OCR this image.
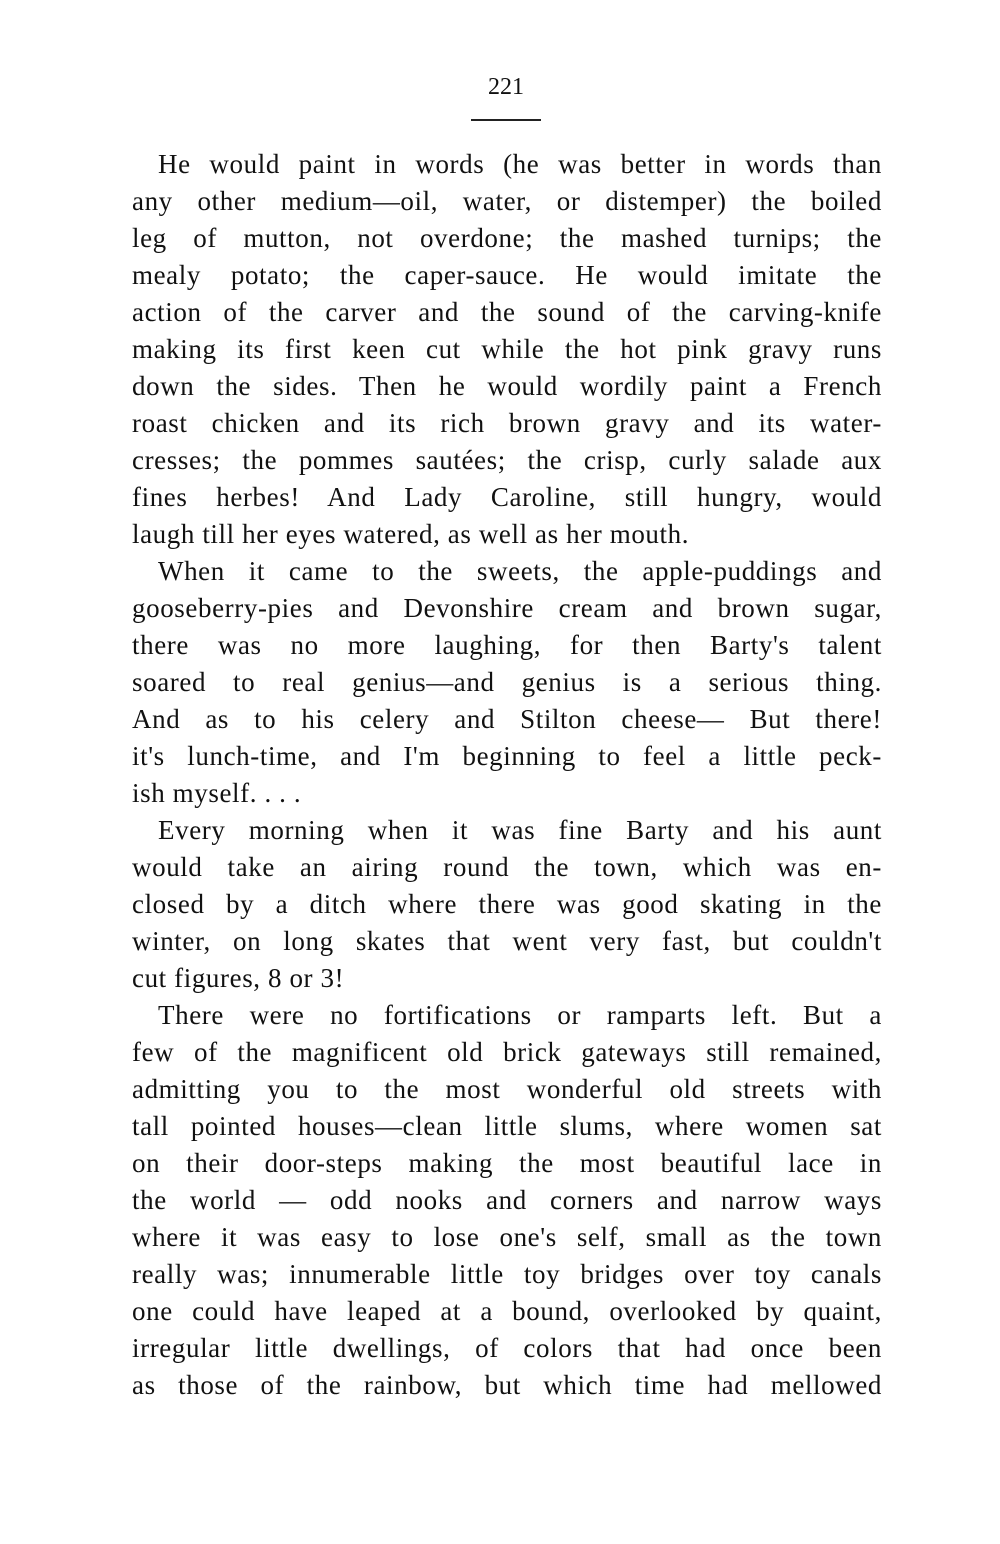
221
He would paint in words (he was better in words than
any other medium—oil, water, or distemper) the boiled
leg of mutton, not overdone; the mashed turnips; the
mealy potato; the caper-sauce. He would imitate the
action of the carver and the sound of the carving-knife
making its first keen cut while the hot pink gravy runs
down the sides. Then he would wordily paint a French
roast chicken and its rich brown gravy and its water-
cresses; the pommes sautées; the crisp, curly salade aux
fines herbes! And Lady Caroline, still hungry, would
laugh till her eyes watered, as well as her mouth.
When it came to the sweets, the apple-puddings and
gooseberry-pies and Devonshire cream and brown sugar,
there was no more laughing, for then Barty's talent
soared to real genius—and genius is a serious thing.
And as to his celery and Stilton cheese— But there!
it's lunch-time, and I'm beginning to feel a little peck-
ish myself. . . .
Every morning when it was fine Barty and his aunt
would take an airing round the town, which was en-
closed by a ditch where there was good skating in the
winter, on long skates that went very fast, but couldn't
cut figures, 8 or 3!
There were no fortifications or ramparts left. But a
few of the magnificent old brick gateways still remained,
admitting you to the most wonderful old streets with
tall pointed houses—clean little slums, where women sat
on their door-steps making the most beautiful lace in
the world — odd nooks and corners and narrow ways
where it was easy to lose one's self, small as the town
really was; innumerable little toy bridges over toy canals
one could have leaped at a bound, overlooked by quaint,
irregular little dwellings, of colors that had once been
as those of the rainbow, but which time had mellowed
